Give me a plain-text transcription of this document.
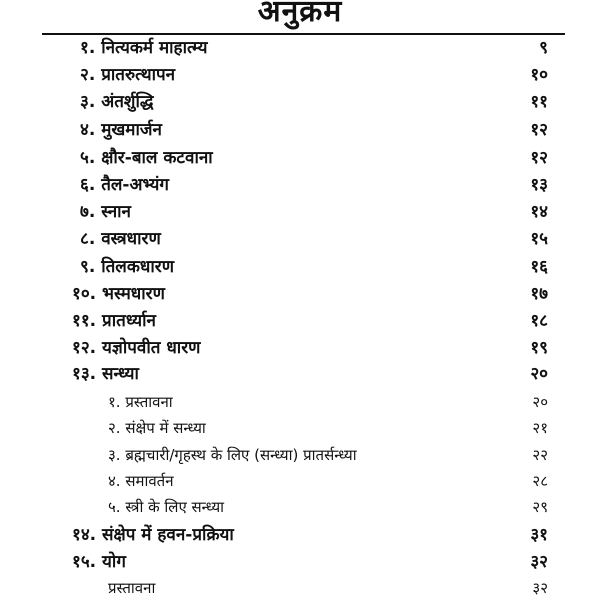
अनुक्रम
१. नित्यकर्म माहात्म्य	९
२. प्रातरुत्थापन	१०
३. अंतर्शुद्धि	११
४. मुखमार्जन	१२
५. क्षौर-बाल कटवाना	१२
६. तैल-अभ्यंग	१३
७. स्नान	१४
८. वस्त्रधारण	१५
९. तिलकधारण	१६
१०. भस्मधारण	१७
११. प्रातर्ध्यान	१८
१२. यज्ञोपवीत धारण	१९
१३. सन्ध्या	२०
१. प्रस्तावना	२०
२. संक्षेप में सन्ध्या	२१
३. ब्रह्मचारी/गृहस्थ के लिए (सन्ध्या) प्रातर्सन्ध्या	२२
४. समावर्तन	२८
५. स्त्री के लिए सन्ध्या	२९
१४. संक्षेप में हवन-प्रक्रिया	३१
१५. योग	३२
प्रस्तावना	३२
